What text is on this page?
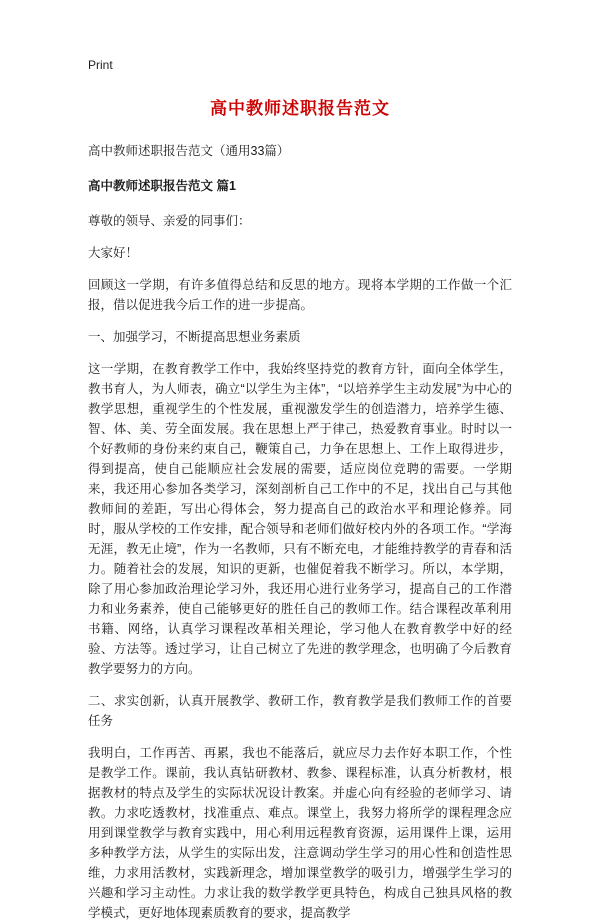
Print
高中教师述职报告范文

高中教师述职报告范文（通用33篇）

高中教师述职报告范文 篇1

尊敬的领导、亲爱的同事们：

大家好！

回顾这一学期，有许多值得总结和反思的地方。现将本学期的工作做一个汇报，借以促进我今后工作的进一步提高。

一、加强学习，不断提高思想业务素质

这一学期，在教育教学工作中，我始终坚持党的教育方针，面向全体学生，教书育人，为人师表，确立“以学生为主体”，“以培养学生主动发展”为中心的教学思想，重视学生的个性发展，重视激发学生的创造潜力，培养学生德、智、体、美、劳全面发展。我在思想上严于律己，热爱教育事业。时时以一个好教师的身份来约束自己，鞭策自己，力争在思想上、工作上取得进步，得到提高，使自己能顺应社会发展的需要，适应岗位竞聘的需要。一学期来，我还用心参加各类学习，深刻剖析自己工作中的不足，找出自己与其他教师间的差距，写出心得体会，努力提高自己的政治水平和理论修养。同时，服从学校的工作安排，配合领导和老师们做好校内外的各项工作。“学海无涯，教无止境”，作为一名教师，只有不断充电，才能维持教学的青春和活力。随着社会的发展，知识的更新，也催促着我不断学习。所以，本学期，除了用心参加政治理论学习外，我还用心进行业务学习，提高自己的工作潜力和业务素养，使自己能够更好的胜任自己的教师工作。结合课程改革利用书籍、网络，认真学习课程改革相关理论，学习他人在教育教学中好的经验、方法等。透过学习，让自己树立了先进的教学理念，也明确了今后教育教学要努力的方向。

二、求实创新，认真开展教学、教研工作，教育教学是我们教师工作的首要任务

我明白，工作再苦、再累，我也不能落后，就应尽力去作好本职工作，个性是教学工作。课前，我认真钻研教材、教参、课程标准，认真分析教材，根据教材的特点及学生的实际状况设计教案。并虚心向有经验的老师学习、请教。力求吃透教材，找准重点、难点。课堂上，我努力将所学的课程理念应用到课堂教学与教育实践中，用心利用远程教育资源，运用课件上课，运用多种教学方法，从学生的实际出发，注意调动学生学习的用心性和创造性思维，力求用活教材，实践新理念，增加课堂教学的吸引力，增强学生学习的兴趣和学习主动性。力求让我的数学教学更具特色，构成自己独具风格的教学模式，更好地体现素质教育的要求，提高教学
